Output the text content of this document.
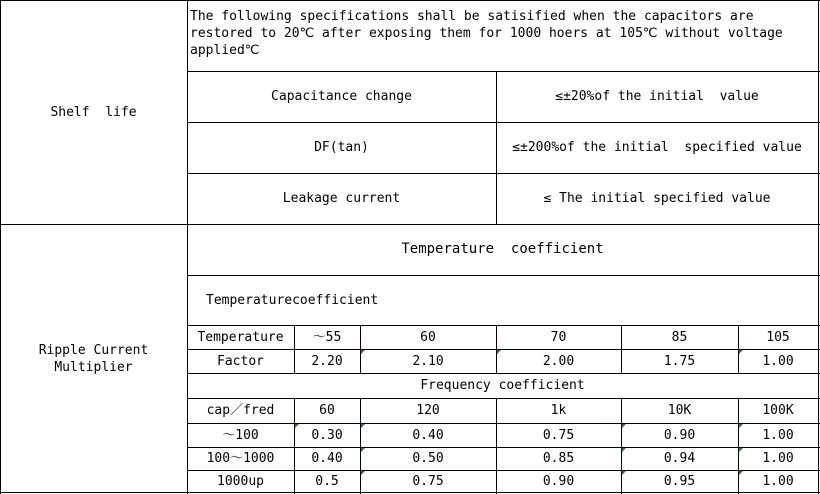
Shelf  life
The following specifications shall be satisified when the capacitors are restored to 20℃ after exposing them for 1000 hoers at 105℃ without voltage applied℃
Capacitance change	≤±20%of the initial  value
DF(tan)	≤±200%of the initial  specified value
Leakage current	≤ The initial specified value
Ripple Current
Multiplier
Temperature  coefficient
Temperaturecoefficient
Temperature	～55	60	70	85	105
Factor	2.20	2.10	2.00	1.75	1.00
Frequency coefficient
cap／fred	60	120	1k	10K	100K
～100	0.30	0.40	0.75	0.90	1.00
100～1000	0.40	0.50	0.85	0.94	1.00
1000up	0.5	0.75	0.90	0.95	1.00
